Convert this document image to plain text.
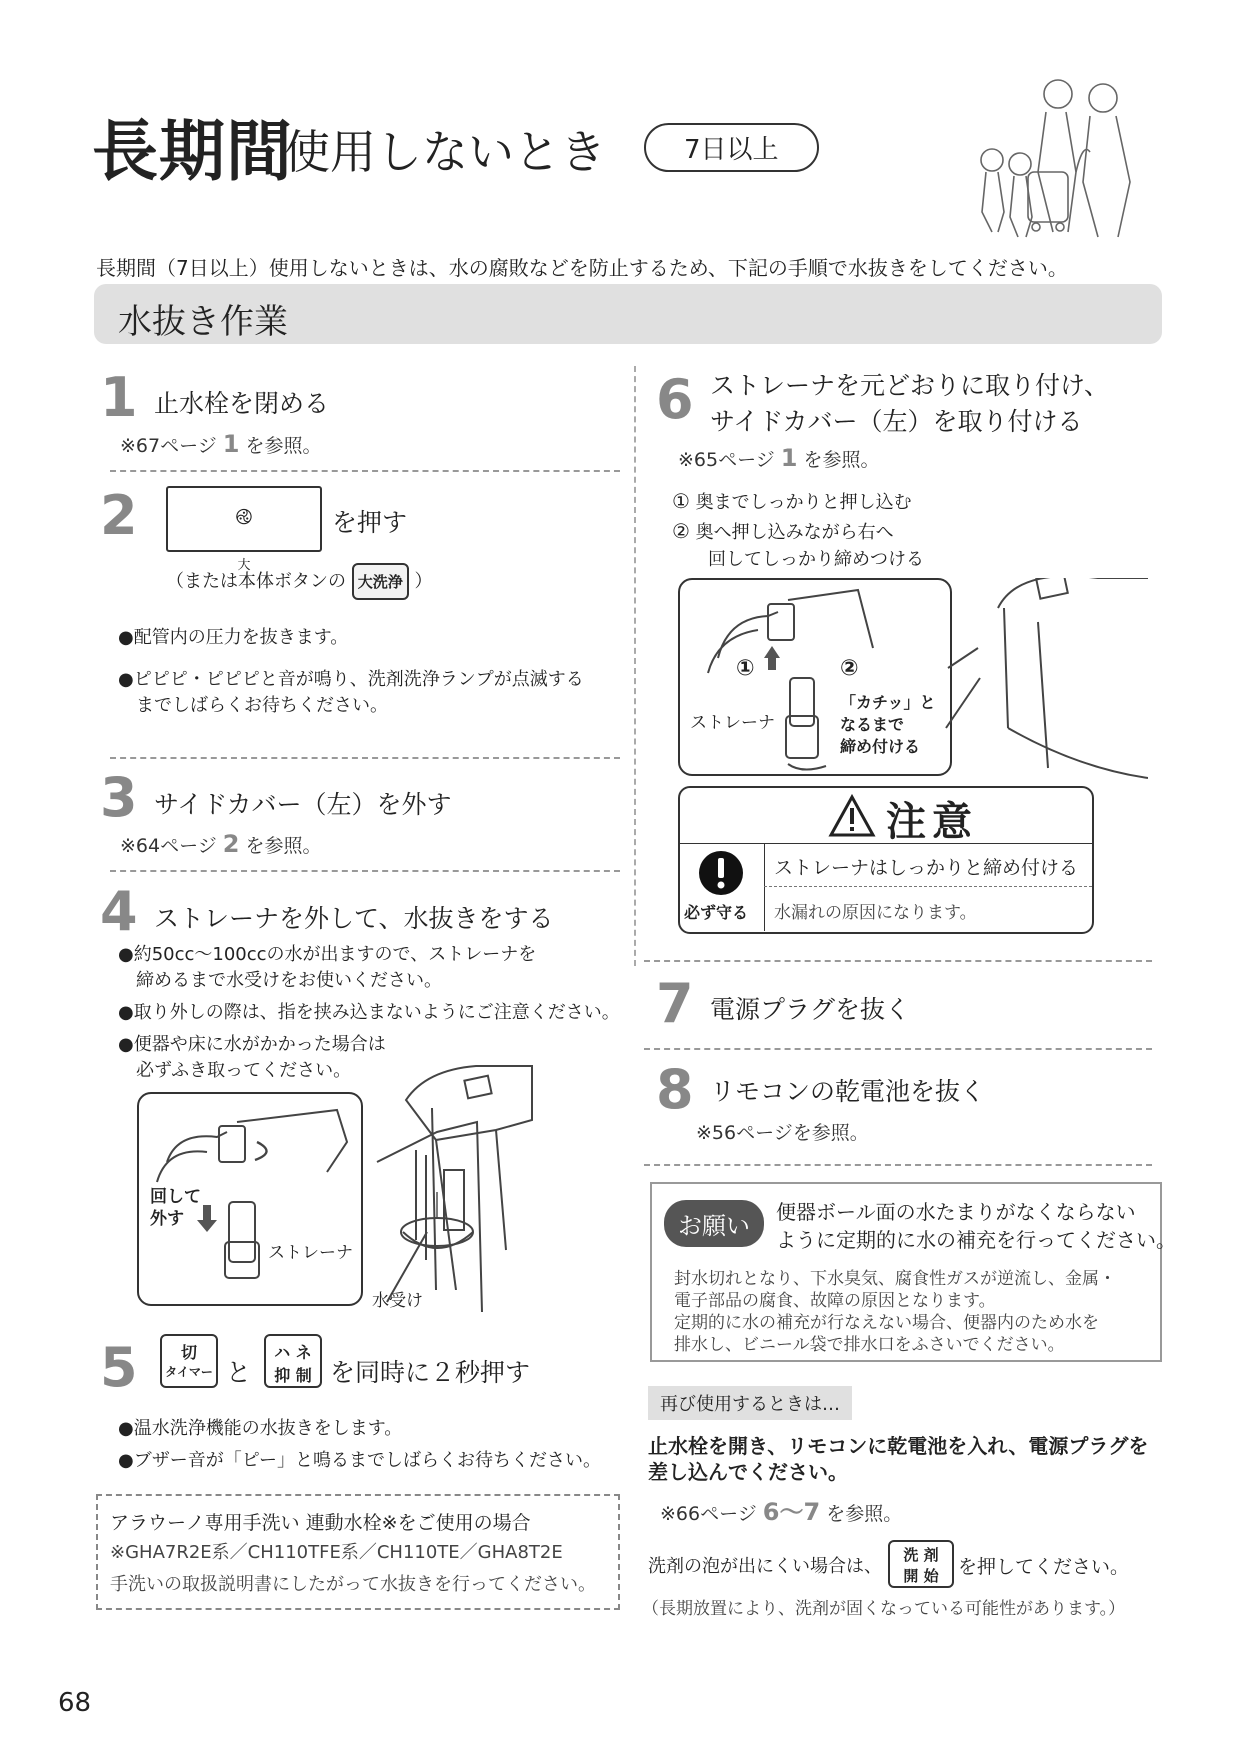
長期間
使用しないとき	7日以上
長期間（7日以上）使用しないときは、水の腐敗などを防止するため、下記の手順で水抜きをしてください。
水抜き作業
1 止水栓を閉める
※67ページ 1 を参照。
2	࿋
大
を押す
（または本体ボタンの 大洗浄 ）
●配管内の圧力を抜きます。
●ピピピ・ピピピと音が鳴り、洗剤洗浄ランプが点滅する
までしばらくお待ちください。
3 サイドカバー（左）を外す
※64ページ 2 を参照。
4 ストレーナを外して、水抜きをする
●約50cc〜100ccの水が出ますので、ストレーナを
締めるまで水受けをお使いください。
●取り外しの際は、指を挟み込まないようにご注意ください。
●便器や床に水がかかった場合は
必ずふき取ってください。
回して
外す
ストレーナ
水受け
5	切
タイマー と
ハ ネ
抑 制 を同時に２秒押す
●温水洗浄機能の水抜きをします。
●ブザー音が「ピー」と鳴るまでしばらくお待ちください。
アラウーノ専用手洗い 連動水栓※をご使用の場合
※GHA7R2E系／CH110TFE系／CH110TE／GHA8T2E
手洗いの取扱説明書にしたがって水抜きを行ってください。
6 ストレーナを元どおりに取り付け、
サイドカバー（左）を取り付ける
※65ページ 1 を参照。
① 奥までしっかりと押し込む
② 奥へ押し込みながら右へ
回してしっかり締めつける
①	②
ストレーナ
「カチッ」と
なるまで
締め付ける
注意
必ず守る
ストレーナはしっかりと締め付ける
水漏れの原因になります。
7 電源プラグを抜く
8 リモコンの乾電池を抜く
※56ページを参照。
お願い	便器ボール面の水たまりがなくならない
ように定期的に水の補充を行ってください。
封水切れとなり、下水臭気、腐食性ガスが逆流し、金属・
電子部品の腐食、故障の原因となります。
定期的に水の補充が行なえない場合、便器内のため水を
排水し、ビニール袋で排水口をふさいでください。
再び使用するときは…
止水栓を開き、リモコンに乾電池を入れ、電源プラグを
差し込んでください。
※66ページ 6〜7 を参照。
洗剤の泡が出にくい場合は、
洗 剤
開 始	を押してください。
（長期放置により、洗剤が固くなっている可能性があります。）
68
